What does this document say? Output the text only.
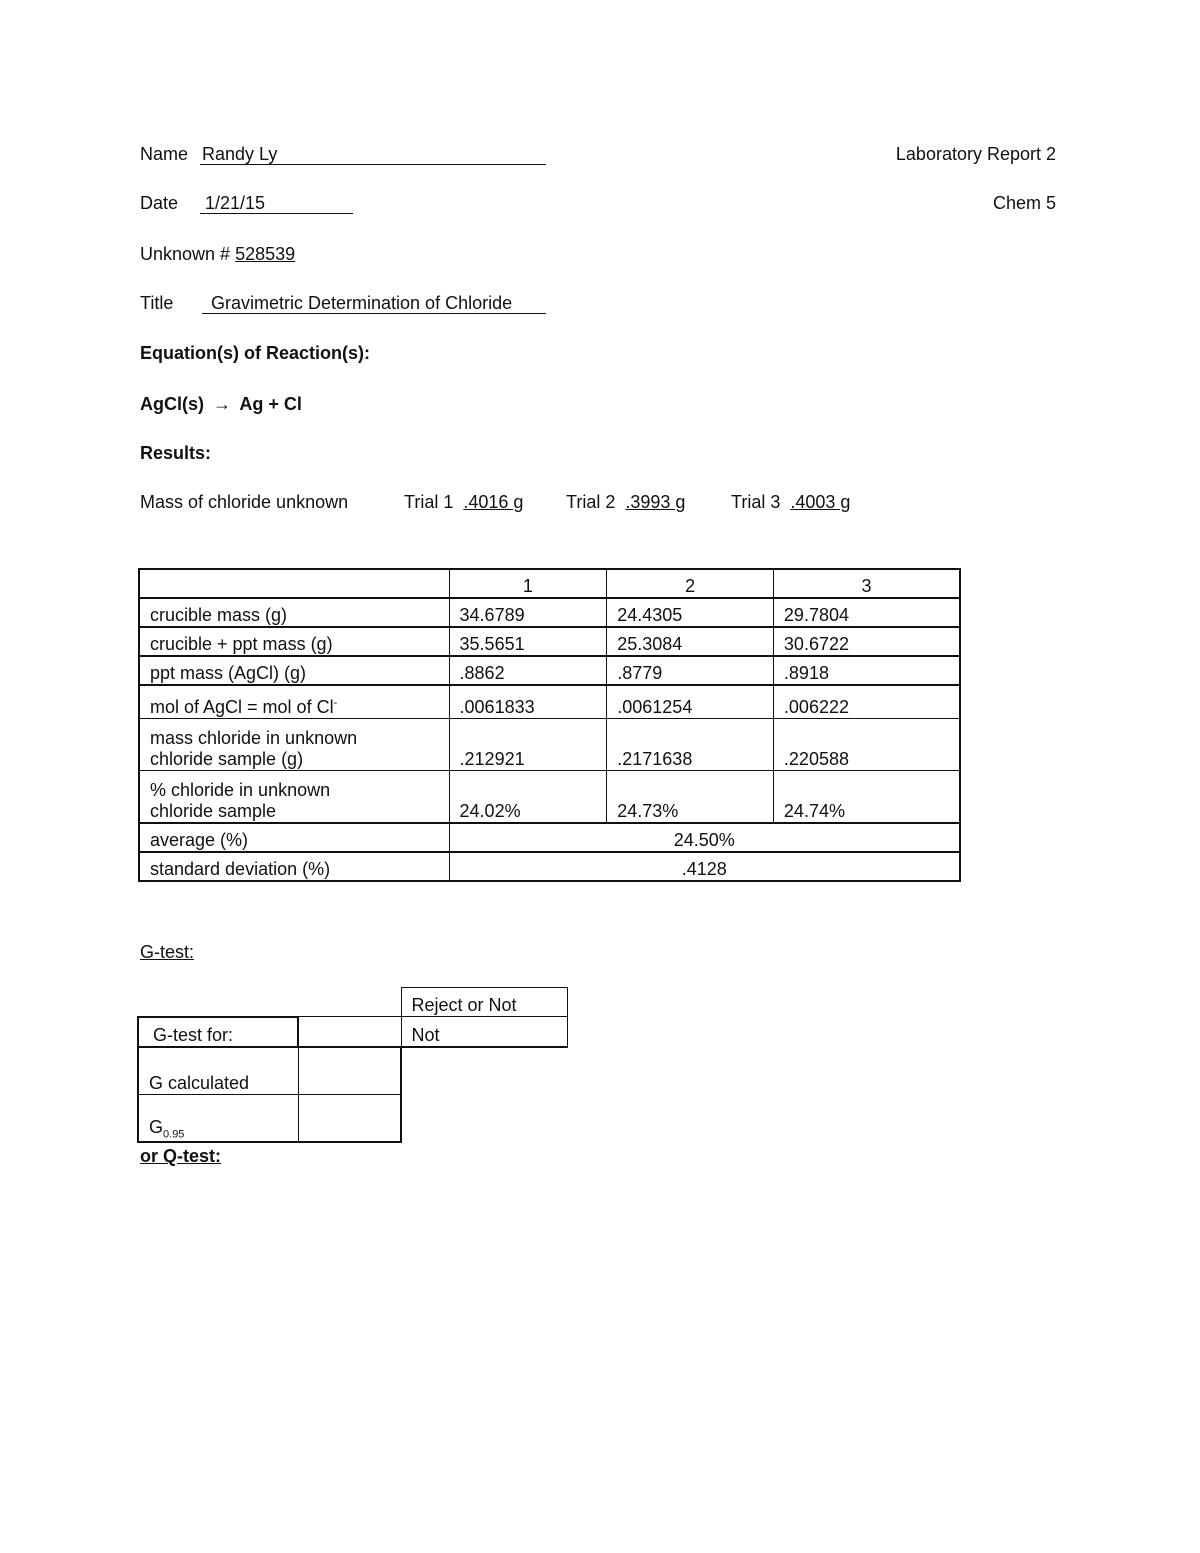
Name Randy Ly	Laboratory Report 2
Date 1/21/15	Chem 5
Unknown # 528539
Title Gravimetric Determination of Chloride
Equation(s) of Reaction(s):
AgCl(s) → Ag + Cl
Results:
Mass of chloride unknown	Trial 1 .4016 g Trial 2 .3993 g	Trial 3 .4003 g
	1	2	3
crucible mass (g)	34.6789	24.4305	29.7804
crucible + ppt mass (g)	35.5651	25.3084	30.6722
ppt mass (AgCl) (g)	.8862	.8779	.8918
mol of AgCl = mol of Cl-	.0061833	.0061254	.006222

mass chloride in unknown
chloride sample (g)	.212921	.2171638	.220588

% chloride in unknown
chloride sample	24.02%	24.73%	24.74%
average (%)	24.50%		
standard deviation (%)	.4128		
G-test:
		Reject or Not
G-test for:		Not
G calculated		
$G_{0.95}$		
or Q-test:
